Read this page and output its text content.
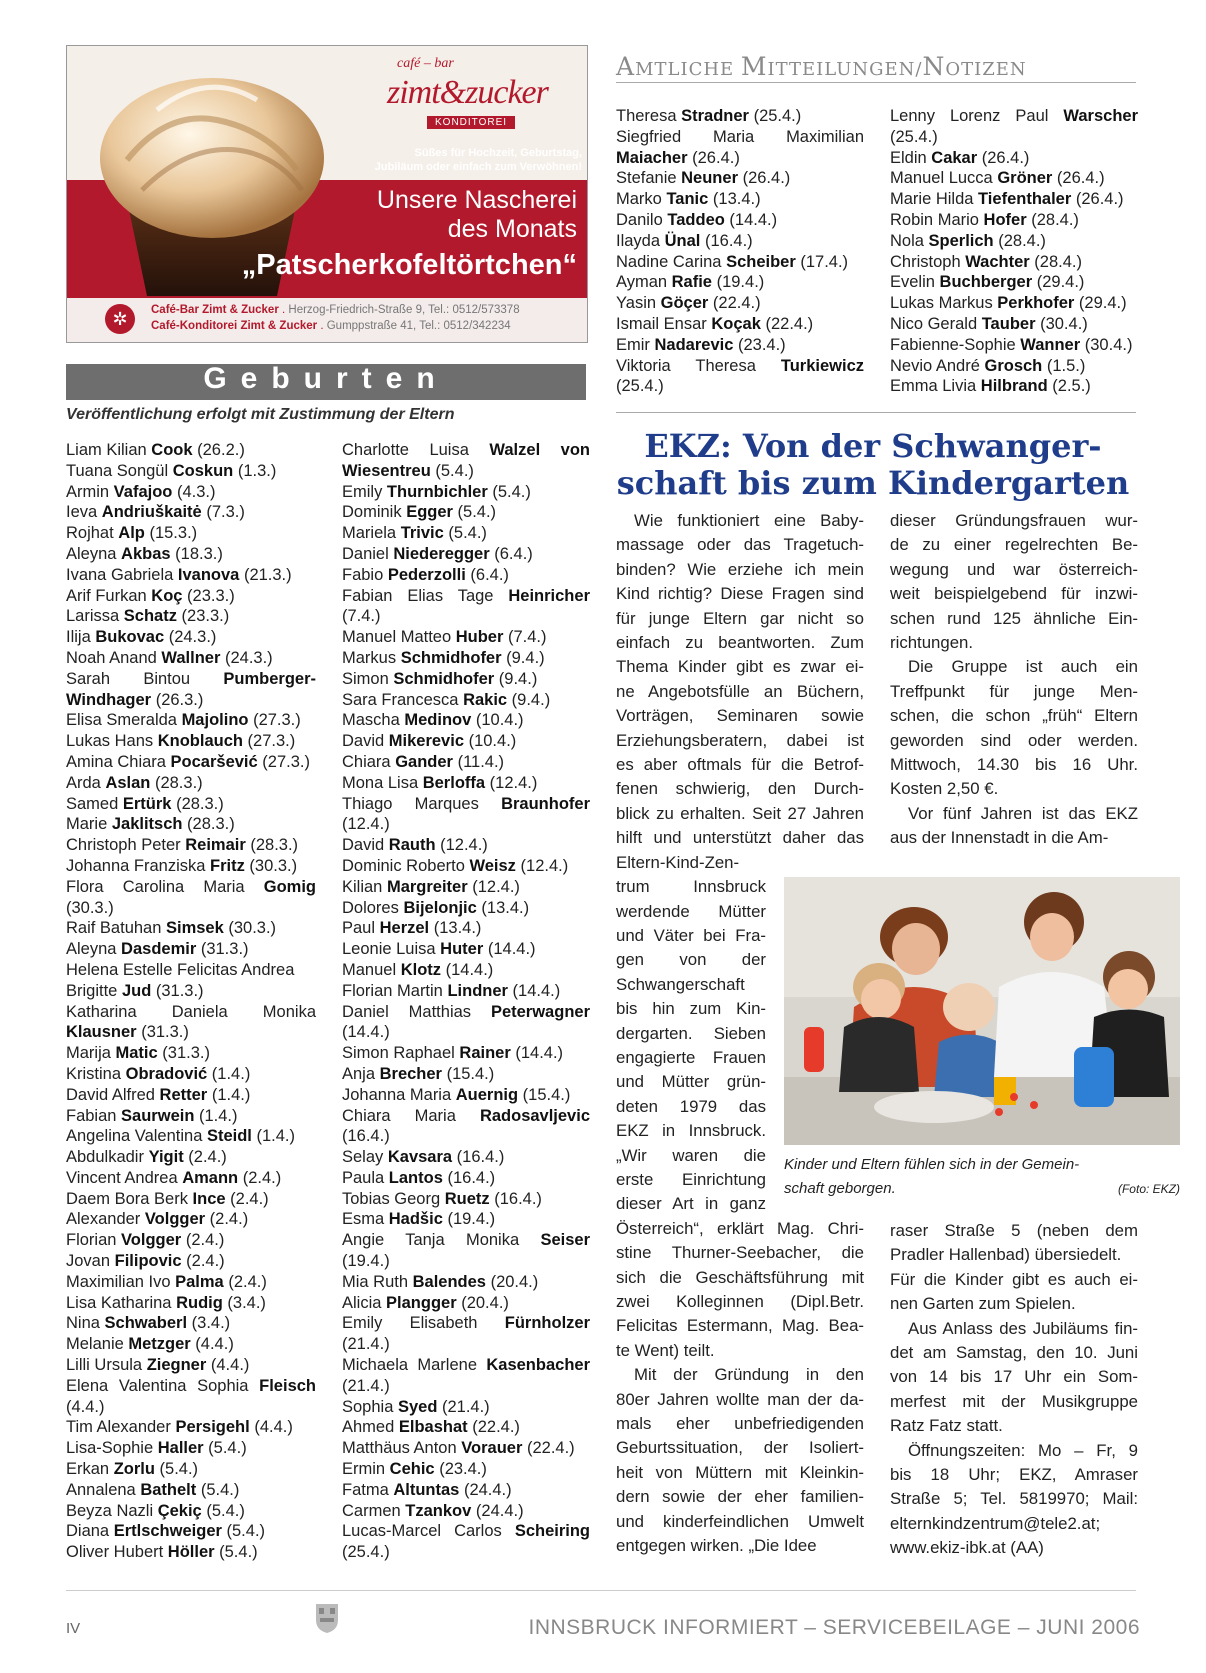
café – bar
zimt&zucker
KONDITOREI
Süßes für Hochzeit, Geburtstag,
Jubiläum oder einfach zum Verwöhnen!
Unsere Nascherei
des Monats
„Patscherkofeltörtchen“
✲	Café-Bar Zimt & Zucker . Herzog-Friedrich-Straße 9, Tel.: 0512/573378
Café-Konditorei Zimt & Zucker . Gumppstraße 41, Tel.: 0512/342234
Geburten
Veröffentlichung erfolgt mit Zustimmung der Eltern
AMTLICHE MITTEILUNGEN/NOTIZEN
Liam Kilian Cook (26.2.)
Tuana Songül Coskun (1.3.)
Armin Vafajoo (4.3.)
Ieva Andriuškaitė (7.3.)
Rojhat Alp (15.3.)
Aleyna Akbas (18.3.)
Ivana Gabriela Ivanova (21.3.)
Arif Furkan Koç (23.3.)
Larissa Schatz (23.3.)
Ilija Bukovac (24.3.)
Noah Anand Wallner (24.3.)
Sarah Bintou Pumberger-
Windhager (26.3.)
Elisa Smeralda Majolino (27.3.)
Lukas Hans Knoblauch (27.3.)
Amina Chiara Pocaršević (27.3.)
Arda Aslan (28.3.)
Samed Ertürk (28.3.)
Marie Jaklitsch (28.3.)
Christoph Peter Reimair (28.3.)
Johanna Franziska Fritz (30.3.)
Flora Carolina Maria Gomig
(30.3.)
Raif Batuhan Simsek (30.3.)
Aleyna Dasdemir (31.3.)
Helena Estelle Felicitas Andrea
Brigitte Jud (31.3.)
Katharina Daniela Monika
Klausner (31.3.)
Marija Matic (31.3.)
Kristina Obradović (1.4.)
David Alfred Retter (1.4.)
Fabian Saurwein (1.4.)
Angelina Valentina Steidl (1.4.)
Abdulkadir Yigit (2.4.)
Vincent Andrea Amann (2.4.)
Daem Bora Berk Ince (2.4.)
Alexander Volgger (2.4.)
Florian Volgger (2.4.)
Jovan Filipovic (2.4.)
Maximilian Ivo Palma (2.4.)
Lisa Katharina Rudig (3.4.)
Nina Schwaberl (3.4.)
Melanie Metzger (4.4.)
Lilli Ursula Ziegner (4.4.)
Elena Valentina Sophia Fleisch
(4.4.)
Tim Alexander Persigehl (4.4.)
Lisa-Sophie Haller (5.4.)
Erkan Zorlu (5.4.)
Annalena Bathelt (5.4.)
Beyza Nazli Çekiç (5.4.)
Diana Ertlschweiger (5.4.)
Oliver Hubert Höller (5.4.)
Charlotte Luisa Walzel von
Wiesentreu (5.4.)
Emily Thurnbichler (5.4.)
Dominik Egger (5.4.)
Mariela Trivic (5.4.)
Daniel Niederegger (6.4.)
Fabio Pederzolli (6.4.)
Fabian Elias Tage Heinricher
(7.4.)
Manuel Matteo Huber (7.4.)
Markus Schmidhofer (9.4.)
Simon Schmidhofer (9.4.)
Sara Francesca Rakic (9.4.)
Mascha Medinov (10.4.)
David Mikerevic (10.4.)
Chiara Gander (11.4.)
Mona Lisa Berloffa (12.4.)
Thiago Marques Braunhofer
(12.4.)
David Rauth (12.4.)
Dominic Roberto Weisz (12.4.)
Kilian Margreiter (12.4.)
Dolores Bijelonjic (13.4.)
Paul Herzel (13.4.)
Leonie Luisa Huter (14.4.)
Manuel Klotz (14.4.)
Florian Martin Lindner (14.4.)
Daniel Matthias Peterwagner
(14.4.)
Simon Raphael Rainer (14.4.)
Anja Brecher (15.4.)
Johanna Maria Auernig (15.4.)
Chiara Maria Radosavljevic
(16.4.)
Selay Kavsara (16.4.)
Paula Lantos (16.4.)
Tobias Georg Ruetz (16.4.)
Esma Hadšic (19.4.)
Angie Tanja Monika Seiser
(19.4.)
Mia Ruth Balendes (20.4.)
Alicia Plangger (20.4.)
Emily Elisabeth Fürnholzer
(21.4.)
Michaela Marlene Kasenbacher
(21.4.)
Sophia Syed (21.4.)
Ahmed Elbashat (22.4.)
Matthäus Anton Vorauer (22.4.)
Ermin Cehic (23.4.)
Fatma Altuntas (24.4.)
Carmen Tzankov (24.4.)
Lucas-Marcel Carlos Scheiring
(25.4.)
Theresa Stradner (25.4.)
Siegfried Maria Maximilian
Maiacher (26.4.)
Stefanie Neuner (26.4.)
Marko Tanic (13.4.)
Danilo Taddeo (14.4.)
Ilayda Ünal (16.4.)
Nadine Carina Scheiber (17.4.)
Ayman Rafie (19.4.)
Yasin Göçer (22.4.)
Ismail Ensar Koçak (22.4.)
Emir Nadarevic (23.4.)
Viktoria Theresa Turkiewicz
(25.4.)
Lenny Lorenz Paul Warscher
(25.4.)
Eldin Cakar (26.4.)
Manuel Lucca Gröner (26.4.)
Marie Hilda Tiefenthaler (26.4.)
Robin Mario Hofer (28.4.)
Nola Sperlich (28.4.)
Christoph Wachter (28.4.)
Evelin Buchberger (29.4.)
Lukas Markus Perkhofer (29.4.)
Nico Gerald Tauber (30.4.)
Fabienne-Sophie Wanner (30.4.)
Nevio André Grosch (1.5.)
Emma Livia Hilbrand (2.5.)
EKZ: Von der Schwanger-
schaft bis zum Kindergarten
Wie funktioniert eine Baby-
massage oder das Tragetuch-
binden? Wie erziehe ich mein
Kind richtig? Diese Fragen sind
für junge Eltern gar nicht so
einfach zu beantworten. Zum
Thema Kinder gibt es zwar ei-
ne Angebotsfülle an Büchern,
Vorträgen, Seminaren sowie
Erziehungsberatern, dabei ist
es aber oftmals für die Betrof-
fenen schwierig, den Durch-
blick zu erhalten. Seit 27 Jahren
hilft und unterstützt daher das
Eltern-Kind-Zen-
trum Innsbruck
werdende Mütter
und Väter bei Fra-
gen von der
Schwangerschaft
bis hin zum Kin-
dergarten. Sieben
engagierte Frauen
und Mütter grün-
deten 1979 das
EKZ in Innsbruck.
„Wir waren die
erste Einrichtung
dieser Art in ganz
Österreich“, erklärt Mag. Chri-
stine Thurner-Seebacher, die
sich die Geschäftsführung mit
zwei Kolleginnen (Dipl.Betr.
Felicitas Estermann, Mag. Bea-
te Went) teilt.
Mit der Gründung in den
80er Jahren wollte man der da-
mals eher unbefriedigenden
Geburtssituation, der Isoliert-
heit von Müttern mit Kleinkin-
dern sowie der eher familien-
und kinderfeindlichen Umwelt
entgegen wirken. „Die Idee
dieser Gründungsfrauen wur-
de zu einer regelrechten Be-
wegung und war österreich-
weit beispielgebend für inzwi-
schen rund 125 ähnliche Ein-
richtungen.
Die Gruppe ist auch ein
Treffpunkt für junge Men-
schen, die schon „früh“ Eltern
geworden sind oder werden.
Mittwoch, 14.30 bis 16 Uhr.
Kosten 2,50 €.
Vor fünf Jahren ist das EKZ
aus der Innenstadt in die Am-
raser Straße 5 (neben dem
Pradler Hallenbad) übersiedelt.
Für die Kinder gibt es auch ei-
nen Garten zum Spielen.
Aus Anlass des Jubiläums fin-
det am Samstag, den 10. Juni
von 14 bis 17 Uhr ein Som-
merfest mit der Musikgruppe
Ratz Fatz statt.
Öffnungszeiten: Mo – Fr, 9
bis 18 Uhr; EKZ, Amraser
Straße 5; Tel. 5819970; Mail:
elternkindzentrum@tele2.at;
www.ekiz-ibk.at (AA)
Kinder und Eltern fühlen sich in der Gemein-
schaft geborgen.	(Foto: EKZ)
IV	INNSBRUCK INFORMIERT – SERVICEBEILAGE – JUNI 2006
